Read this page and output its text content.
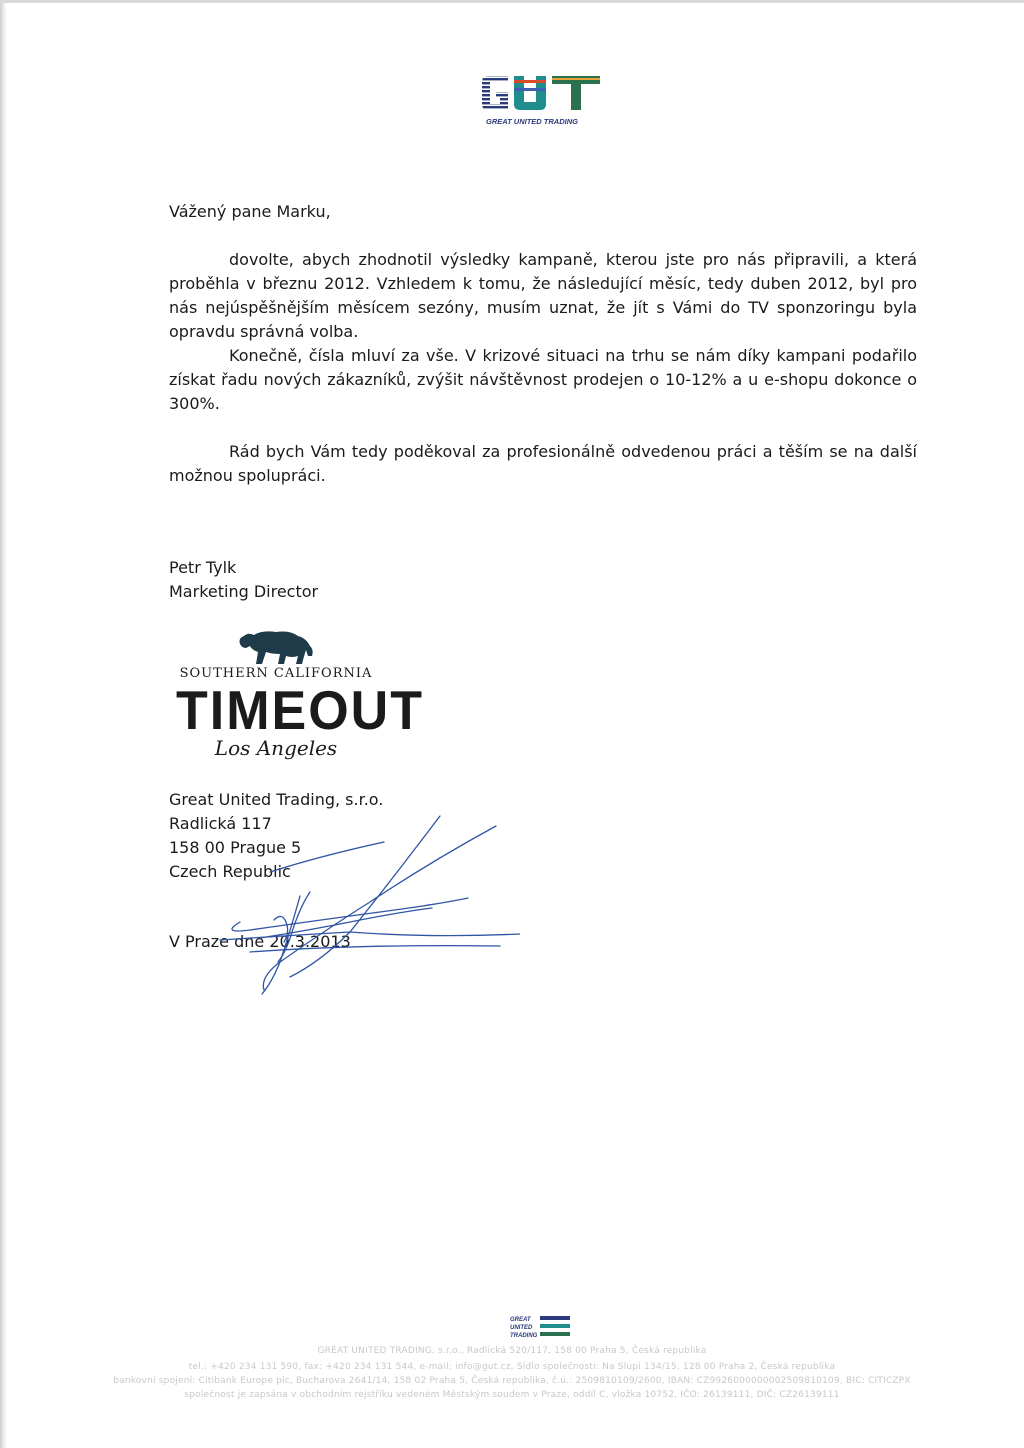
GREAT UNITED TRADING
Vážený pane Marku,
dovolte, abych zhodnotil výsledky kampaně, kterou jste pro nás připravili, a která proběhla v březnu 2012. Vzhledem k tomu, že následující měsíc, tedy duben 2012, byl pro nás nejúspěšnějším měsícem sezóny, musím uznat, že jít s Vámi do TV sponzoringu byla opravdu správná volba.
Konečně, čísla mluví za vše. V krizové situaci na trhu se nám díky kampani podařilo získat řadu nových zákazníků, zvýšit návštěvnost prodejen o 10-12% a u e-shopu dokonce o 300%.
Rád bych Vám tedy poděkoval za profesionálně odvedenou práci a těším se na další možnou spolupráci.
Petr Tylk
Marketing Director
SOUTHERN CALIFORNIA
TIMEOUT
Los Angeles
Great United Trading, s.r.o.
Radlická 117
158 00 Prague 5
Czech Republic
V Praze dne 20.3.2013
GREAT
UNITED
TRADING
GREAT UNITED TRADING, s.r.o., Radlická 520/117, 158 00 Praha 5, Česká republika
tel.: +420 234 131 590, fax: +420 234 131 544, e-mail: info@gut.cz, Sídlo společnosti: Na Slupi 134/15, 128 00 Praha 2, Česká republika
bankovní spojení: Citibank Europe plc, Bucharova 2641/14, 158 02 Praha 5, Česká republika, č.ú.: 2509810109/2600, IBAN: CZ9926000000002509810109, BIC: CITICZPX
společnost je zapsána v obchodním rejstříku vedeném Městským soudem v Praze, oddíl C, vložka 10752, IČO: 26139111, DIČ: CZ26139111
